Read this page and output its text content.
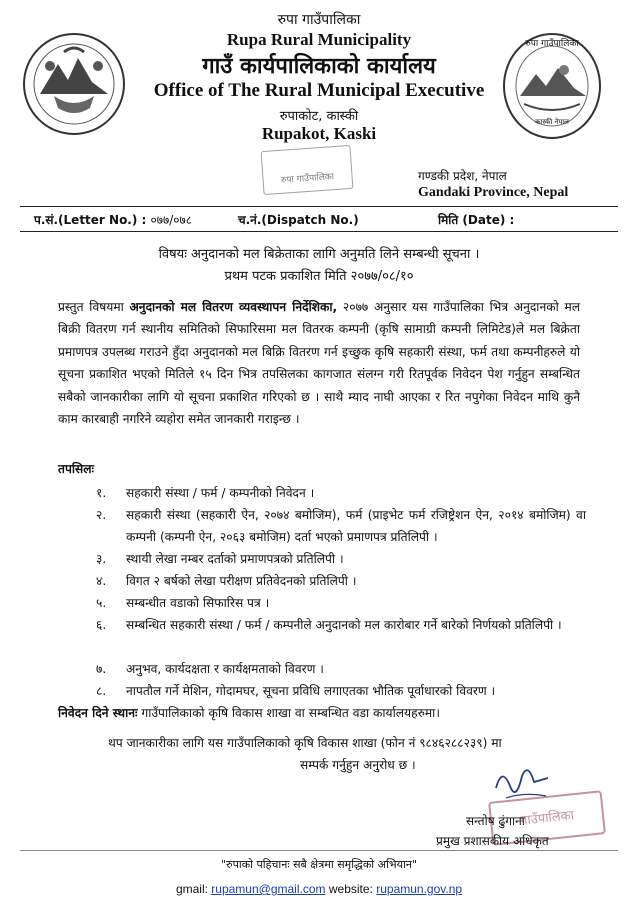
रुपा गाउँपालिका
कास्की नेपाल
रुपा गाउँपालिका
Rupa Rural Municipality
गाउँ कार्यपालिकाको कार्यालय
Office of The Rural Municipal Executive
रुपाकोट, कास्की
Rupakot, Kaski
रुपा गाउँपालिका	गण्डकी प्रदेश, नेपाल
Gandaki Province, Nepal
प.सं.(Letter No.) : ०७७/०७८	च.नं.(Dispatch No.)	मिति (Date) :
विषयः अनुदानको मल बिक्रेताका लागि अनुमति लिने सम्बन्धी सूचना ।
प्रथम पटक प्रकाशित मिति २०७७/०८/१०
प्रस्तुत विषयमा अनुदानको मल वितरण व्यवस्थापन निर्देशिका, २०७७ अनुसार यस गाउँपालिका भित्र अनुदानको मल बिक्री वितरण गर्न स्थानीय समितिको सिफारिसमा मल वितरक कम्पनी (कृषि सामाग्री कम्पनी लिमिटेड)ले मल बिक्रेता प्रमाणपत्र उपलब्ध गराउने हुँदा अनुदानको मल बिक्रि वितरण गर्न इच्छुक कृषि सहकारी संस्था, फर्म तथा कम्पनीहरुले यो सूचना प्रकाशित भएको मितिले १५ दिन भित्र तपसिलका कागजात संलग्न गरी रितपूर्वक निवेदन पेश गर्नुहुन सम्बन्धित सबैको जानकारीका लागि यो सूचना प्रकाशित गरिएको छ । साथै म्याद नाघी आएका र रित नपुगेका निवेदन माथि कुनै काम कारबाही नगरिने व्यहोरा समेत जानकारी गराइन्छ ।
तपसिलः
१.	सहकारी संस्था / फर्म / कम्पनीको निवेदन ।
२.	सहकारी संस्था (सहकारी ऐन, २०७४ बमोजिम), फर्म (प्राइभेट फर्म रजिष्ट्रेशन ऐन, २०१४ बमोजिम) वा कम्पनी (कम्पनी ऐन, २०६३ बमोजिम) दर्ता भएको प्रमाणपत्र प्रतिलिपी ।
३.	स्थायी लेखा नम्बर दर्ताको प्रमाणपत्रको प्रतिलिपी ।
४.	विगत २ बर्षको लेखा परीक्षण प्रतिवेदनको प्रतिलिपी ।
५.	सम्बन्धीत वडाको सिफारिस पत्र ।
६.	सम्बन्धित सहकारी संस्था / फर्म / कम्पनीले अनुदानको मल कारोबार गर्ने बारेको निर्णयको प्रतिलिपी ।
७.	अनुभव, कार्यदक्षता र कार्यक्षमताको विवरण ।
८.	नापतौल गर्ने मेशिन, गोदामघर, सूचना प्रविधि लगाएतका भौतिक पूर्वाधारको विवरण ।
निवेदन दिने स्थानः गाउँपालिकाको कृषि विकास शाखा वा सम्बन्धित वडा कार्यालयहरुमा।
थप जानकारीका लागि यस गाउँपालिकाको कृषि विकास शाखा (फोन नं ९८४६२८८२३९) मा
सम्पर्क गर्नुहुन अनुरोध छ ।
गाउँपालिका
सन्तोष ढुंगाना
प्रमुख प्रशासकीय अधिकृत
"रुपाको पहिचानः सबै क्षेत्रमा समृद्धिको अभियान"
gmail: rupamun@gmail.com website: rupamun.gov.np
